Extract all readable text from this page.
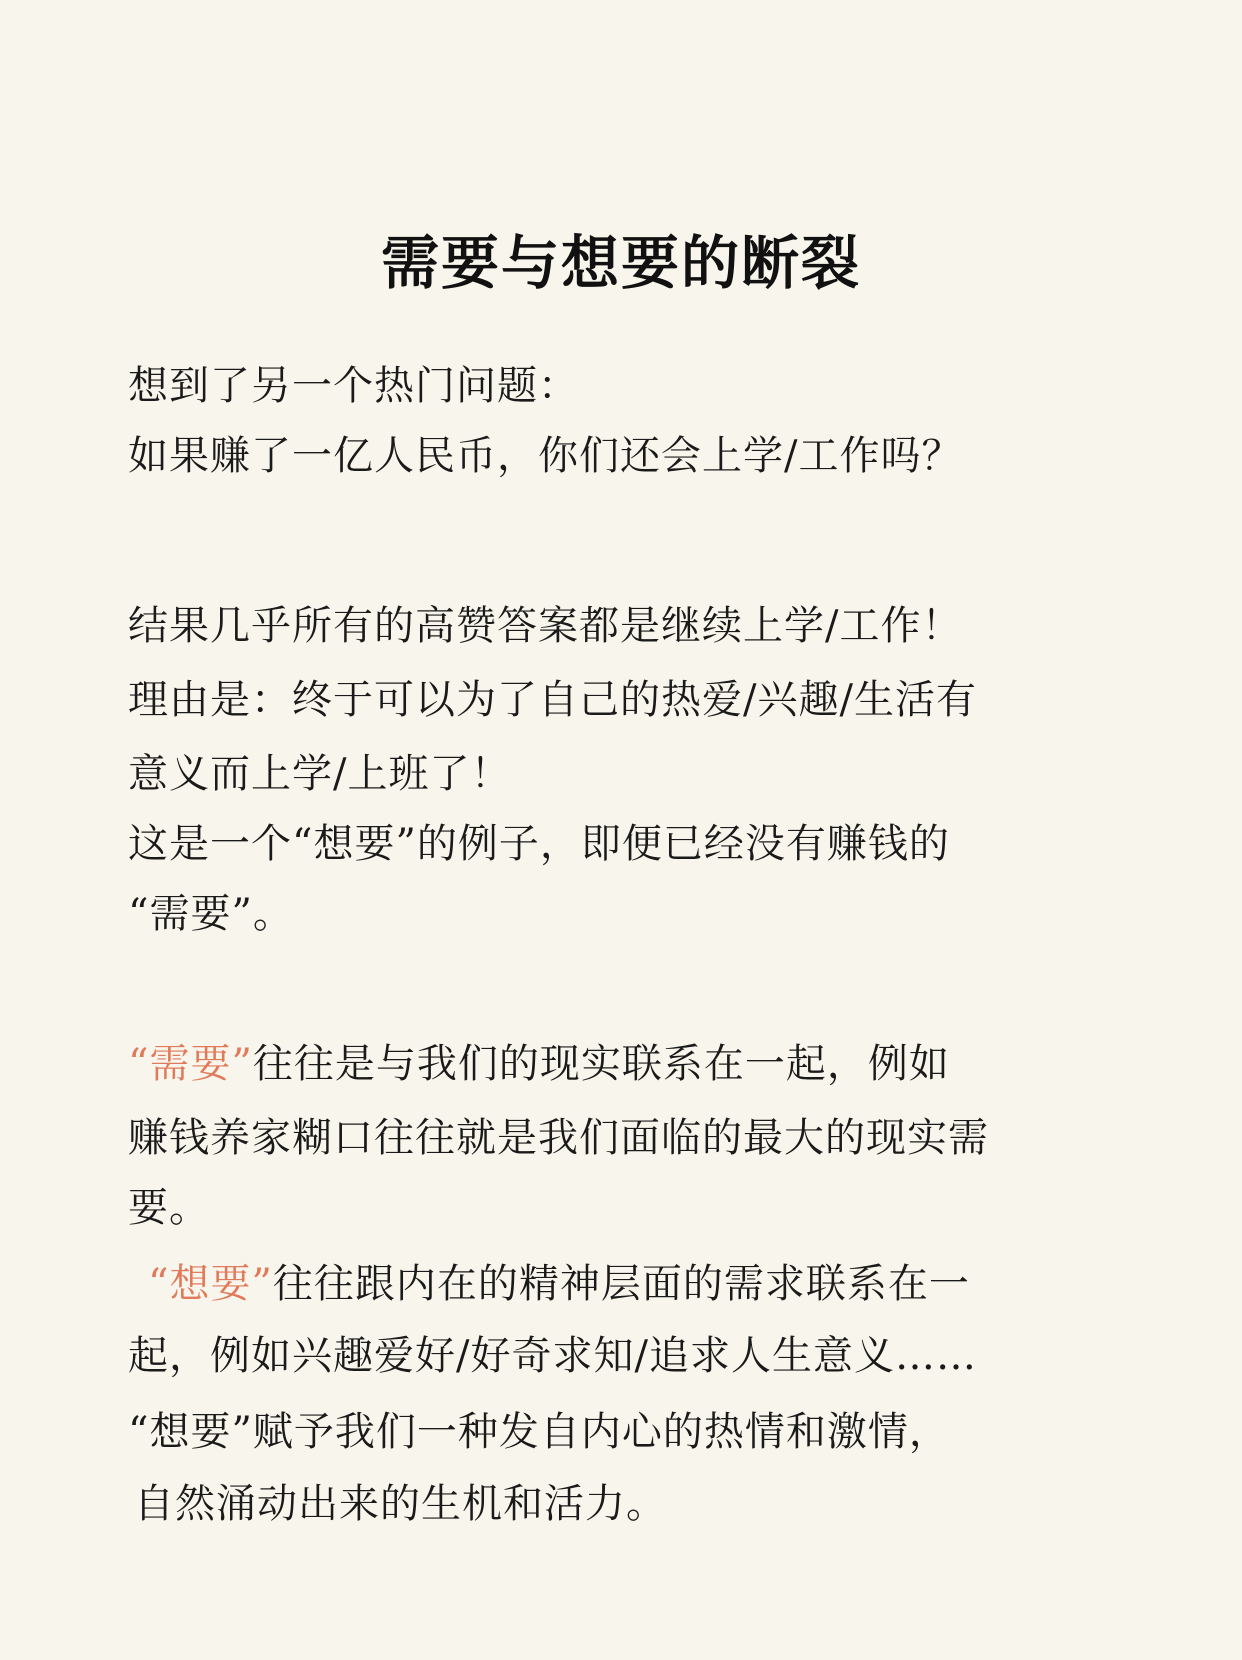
需要与想要的断裂
想到了另一个热门问题：
如果赚了一亿人民币，你们还会上学/工作吗？
结果几乎所有的高赞答案都是继续上学/工作！
理由是：终于可以为了自己的热爱/兴趣/生活有
意义而上学/上班了！
这是一个“想要”的例子，即便已经没有赚钱的
“需要”。
“需要”往往是与我们的现实联系在一起，例如
赚钱养家糊口往往就是我们面临的最大的现实需
要。
“想要”往往跟内在的精神层面的需求联系在一
起，例如兴趣爱好/好奇求知/追求人生意义……
“想要”赋予我们一种发自内心的热情和激情，
自然涌动出来的生机和活力。
